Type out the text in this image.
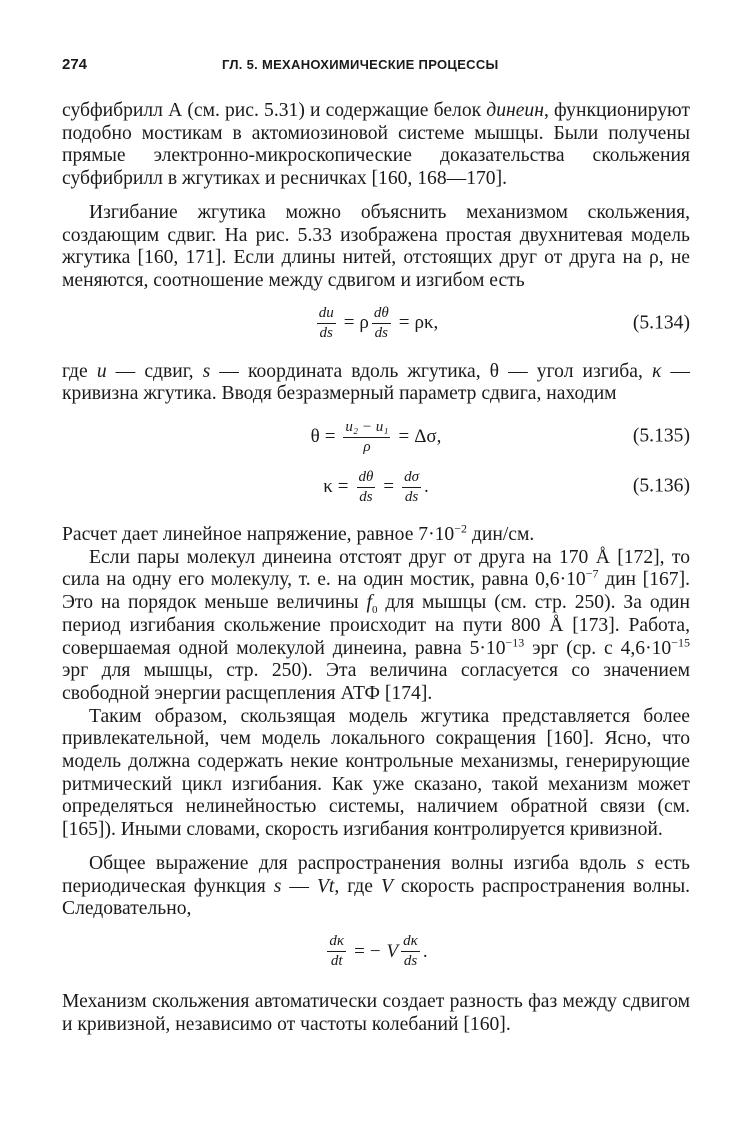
274	ГЛ. 5. МЕХАНОХИМИЧЕСКИЕ ПРОЦЕССЫ

субфибрилл А (см. рис. 5.31) и содержащие белок динеин, функционируют подобно мостикам в актомиозиновой системе мышцы. Были получены прямые электронно-микроскопические доказательства скольжения субфибрилл в жгутиках и ресничках [160, 168—170].

Изгибание жгутика можно объяснить механизмом скольжения, создающим сдвиг. На рис. 5.33 изображена простая двухнитевая модель жгутика [160, 171]. Если длины нитей, отстоящих друг от друга на ρ, не меняются, соотношение между сдвигом и изгибом есть

$\frac{du}{ds} = \rho \frac{d\theta}{ds} = \rho\kappa$,	(5.134)

где u — сдвиг, s — координата вдоль жгутика, θ — угол изгиба, κ — кривизна жгутика. Вводя безразмерный параметр сдвига, находим

$\theta = \frac{\text{u₂ − u₁}}{\rho} = \Delta\sigma$,	(5.135)
$\kappa = \frac{d\theta}{ds} = \frac{d\sigma}{ds}$ .	(5.136)

Расчет дает линейное напряжение, равное $7\cdot 10^{-2}$ дин/см.

Если пары молекул динеина отстоят друг от друга на 170 Å [172], то сила на одну его молекулу, т. е. на один мостик, равна $0,6\cdot 10^{-7}$ дин [167]. Это на порядок меньше величины $f_0$ для мышцы (см. стр. 250). За один период изгибания скольжение происходит на пути 800 Å [173]. Работа, совершаемая одной молекулой динеина, равна $5\cdot 10^{-13}$ эрг (ср. с $4,6\cdot 10^{-15}$ эрг для мышцы, стр. 250). Эта величина согласуется со значением свободной энергии расщепления АТФ [174].

Таким образом, скользящая модель жгутика представляется более привлекательной, чем модель локального сокращения [160]. Ясно, что модель должна содержать некие контрольные механизмы, генерирующие ритмический цикл изгибания. Как уже сказано, такой механизм может определяться нелинейностью системы, наличием обратной связи (см. [165]). Иными словами, скорость изгибания контролируется кривизной.

Общее выражение для распространения волны изгиба вдоль s есть периодическая функция s — Vt, где V скорость распространения волны. Следовательно,

$\frac{d\kappa}{dt}$ = − V $\frac{d\kappa}{ds}$ .

Механизм скольжения автоматически создает разность фаз между сдвигом и кривизной, независимо от частоты колебаний [160].
